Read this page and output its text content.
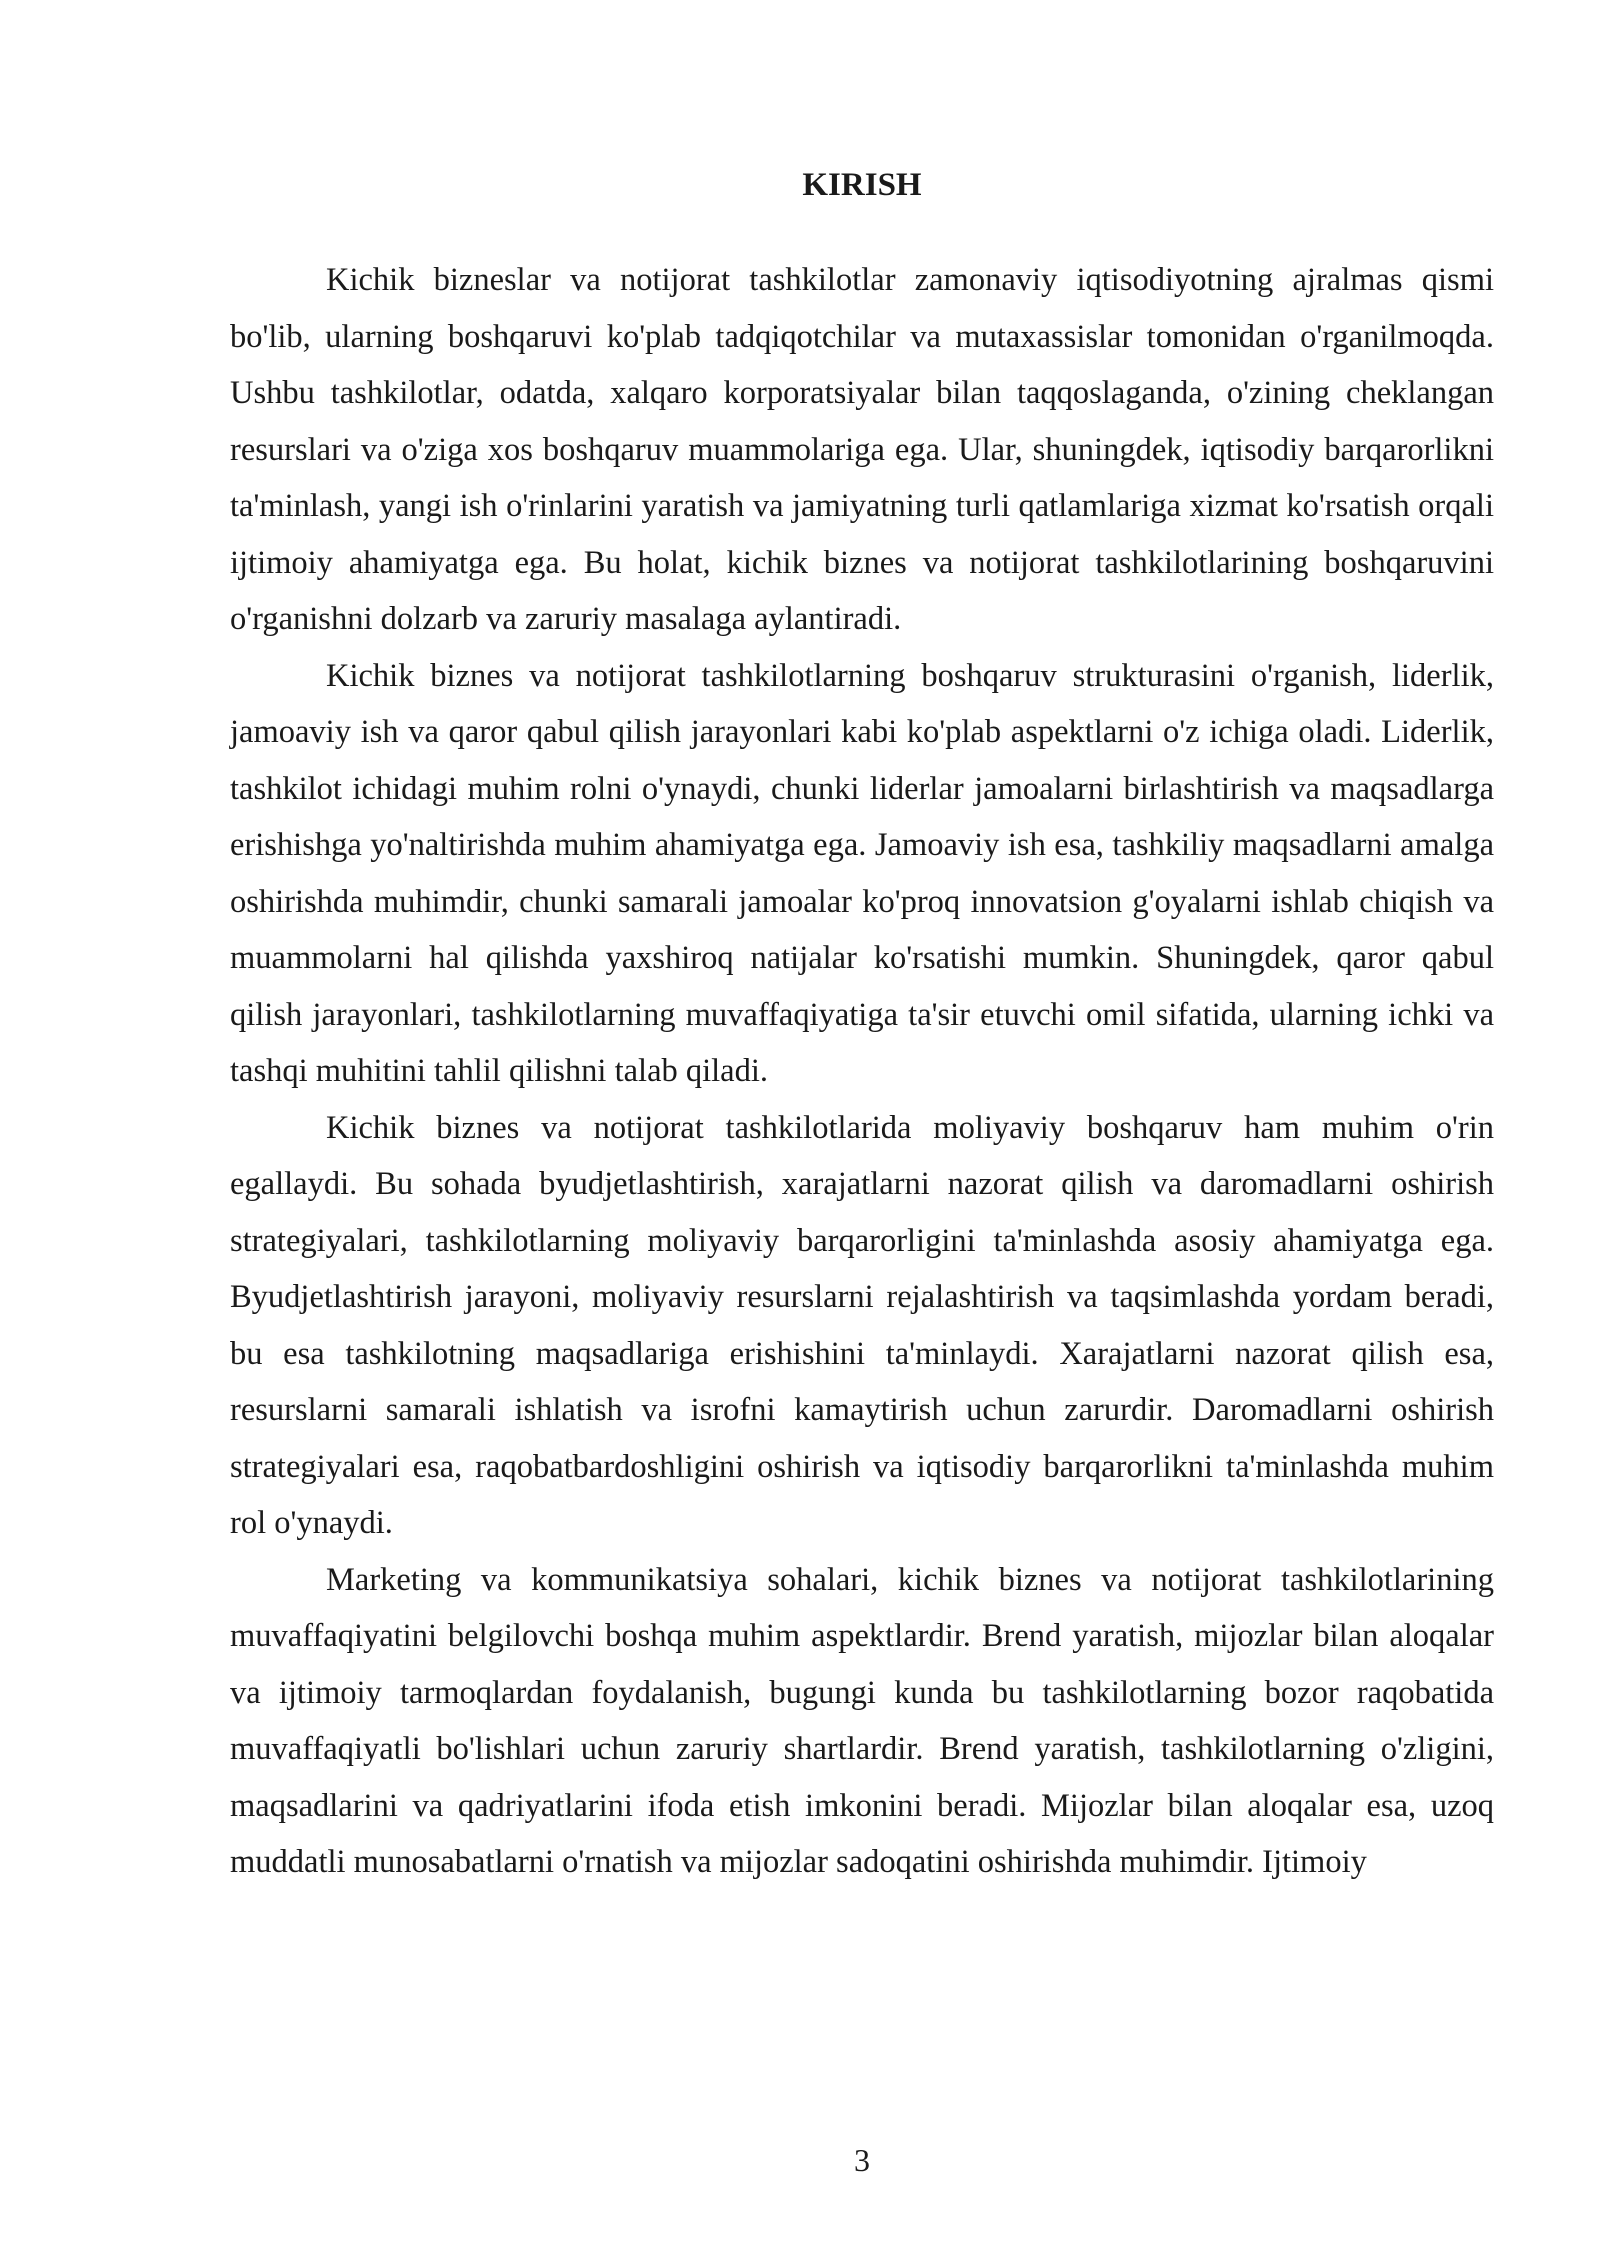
KIRISH

Kichik bizneslar va notijorat tashkilotlar zamonaviy iqtisodiyotning ajralmas qismi bo'lib, ularning boshqaruvi ko'plab tadqiqotchilar va mutaxassislar tomonidan o'rganilmoqda. Ushbu tashkilotlar, odatda, xalqaro korporatsiyalar bilan taqqoslaganda, o'zining cheklangan resurslari va o'ziga xos boshqaruv muammolariga ega. Ular, shuningdek, iqtisodiy barqarorlikni ta'minlash, yangi ish o'rinlarini yaratish va jamiyatning turli qatlamlariga xizmat ko'rsatish orqali ijtimoiy ahamiyatga ega. Bu holat, kichik biznes va notijorat tashkilotlarining boshqaruvini o'rganishni dolzarb va zaruriy masalaga aylantiradi.

Kichik biznes va notijorat tashkilotlarning boshqaruv strukturasini o'rganish, liderlik, jamoaviy ish va qaror qabul qilish jarayonlari kabi ko'plab aspektlarni o'z ichiga oladi. Liderlik, tashkilot ichidagi muhim rolni o'ynaydi, chunki liderlar jamoalarni birlashtirish va maqsadlarga erishishga yo'naltirishda muhim ahamiyatga ega. Jamoaviy ish esa, tashkiliy maqsadlarni amalga oshirishda muhimdir, chunki samarali jamoalar ko'proq innovatsion g'oyalarni ishlab chiqish va muammolarni hal qilishda yaxshiroq natijalar ko'rsatishi mumkin. Shuningdek, qaror qabul qilish jarayonlari, tashkilotlarning muvaffaqiyatiga ta'sir etuvchi omil sifatida, ularning ichki va tashqi muhitini tahlil qilishni talab qiladi.

Kichik biznes va notijorat tashkilotlarida moliyaviy boshqaruv ham muhim o'rin egallaydi. Bu sohada byudjetlashtirish, xarajatlarni nazorat qilish va daromadlarni oshirish strategiyalari, tashkilotlarning moliyaviy barqarorligini ta'minlashda asosiy ahamiyatga ega. Byudjetlashtirish jarayoni, moliyaviy resurslarni rejalashtirish va taqsimlashda yordam beradi, bu esa tashkilotning maqsadlariga erishishini ta'minlaydi. Xarajatlarni nazorat qilish esa, resurslarni samarali ishlatish va isrofni kamaytirish uchun zarurdir. Daromadlarni oshirish strategiyalari esa, raqobatbardoshligini oshirish va iqtisodiy barqarorlikni ta'minlashda muhim rol o'ynaydi.

Marketing va kommunikatsiya sohalari, kichik biznes va notijorat tashkilotlarining muvaffaqiyatini belgilovchi boshqa muhim aspektlardir. Brend yaratish, mijozlar bilan aloqalar va ijtimoiy tarmoqlardan foydalanish, bugungi kunda bu tashkilotlarning bozor raqobatida muvaffaqiyatli bo'lishlari uchun zaruriy shartlardir. Brend yaratish, tashkilotlarning o'zligini, maqsadlarini va qadriyatlarini ifoda etish imkonini beradi. Mijozlar bilan aloqalar esa, uzoq muddatli munosabatlarni o'rnatish va mijozlar sadoqatini oshirishda muhimdir. Ijtimoiy

3
